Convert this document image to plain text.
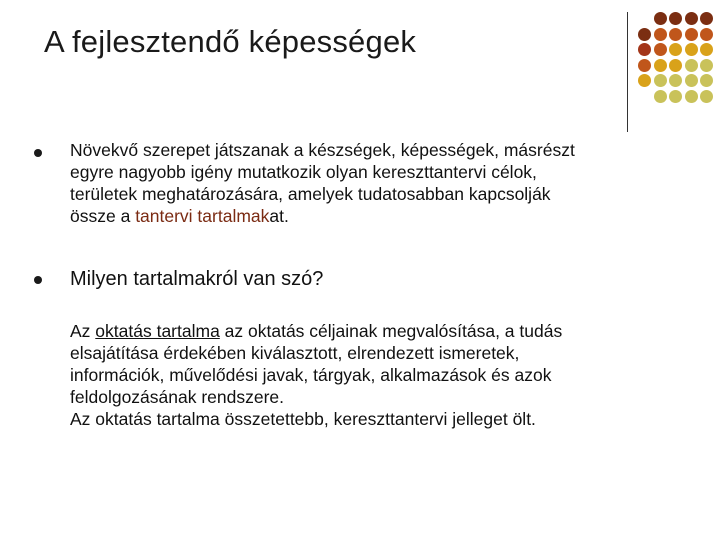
A fejlesztendő képességek
Növekvő szerepet játszanak a készségek, képességek, másrészt
egyre nagyobb igény mutatkozik olyan kereszttantervi célok,
területek meghatározására, amelyek tudatosabban kapcsolják
össze a tantervi tartalmakat.
Milyen tartalmakról van szó?
Az oktatás tartalma az oktatás céljainak megvalósítása, a tudás
elsajátítása érdekében kiválasztott, elrendezett ismeretek,
információk, művelődési javak, tárgyak, alkalmazások és azok
feldolgozásának rendszere.
Az oktatás tartalma összetettebb, kereszttantervi jelleget ölt.
